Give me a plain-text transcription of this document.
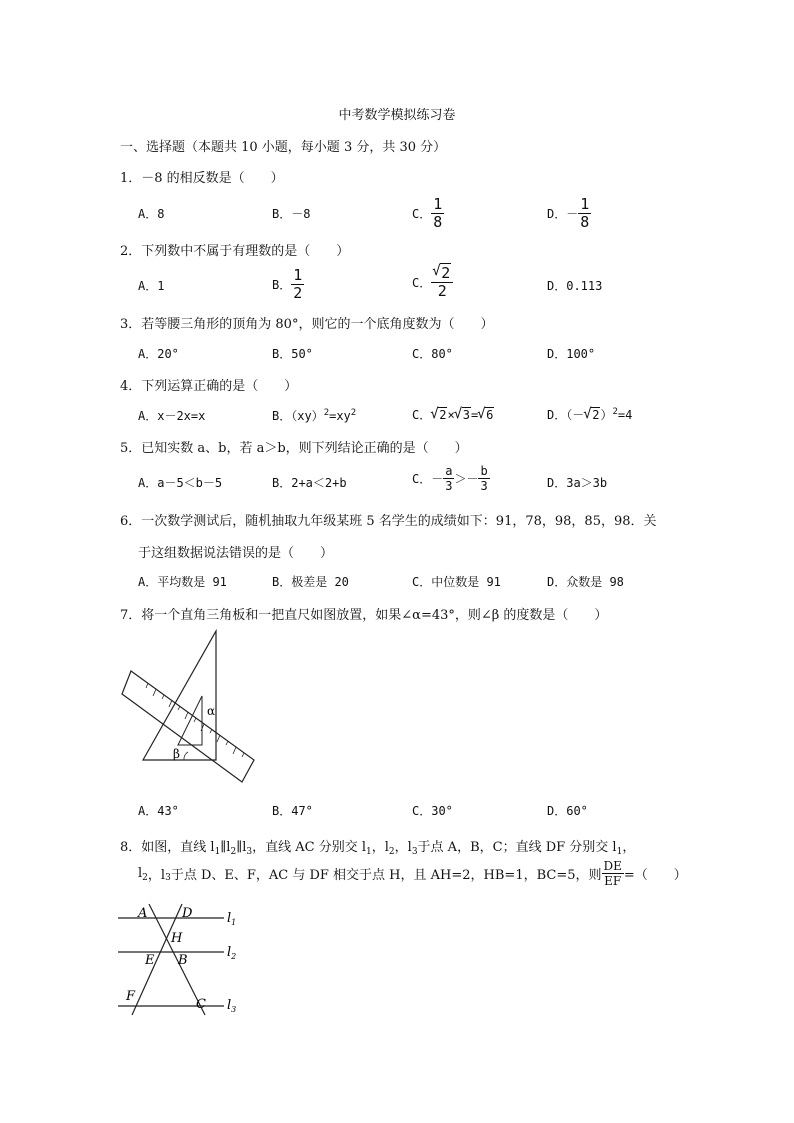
中考数学模拟练习卷
一、选择题（本题共 10 小题，每小题 3 分，共 30 分）
1．－8 的相反数是（　　）
A．8	B．－8	C． $\frac{1}{8}$	D．－ $\frac{1}{8}$
2．下列数中不属于有理数的是（　　）
A．1	B． $\frac{1}{2}$	C． √ $\frac{2}{2}$	D．0.113
3．若等腰三角形的顶角为 80°，则它的一个底角度数为（　　）
A．20°	B．50°	C．80°	D．100°
4．下列运算正确的是（　　）
A．x－2x=x	B．$(xy)^2=xy^2$	C． √ 2× √ 3= √ 6	D．（－ √ 2）$^2$=4
5．已知实数 a、b，若 a＞b，则下列结论正确的是（　　）
A．a－5＜b－5	B．2+a＜2+b	C．－ $\frac{a}{3} >- \frac{b}{3}$	D．3a＞3b
6．一次数学测试后，随机抽取九年级某班 5 名学生的成绩如下：91，78，98，85，98．关
于这组数据说法错误的是（　　）
A．平均数是 91	B．极差是 20	C．中位数是 91	D．众数是 98
7．将一个直角三角板和一把直尺如图放置，如果∠α=43°，则∠β 的度数是（　　）
α
β
A．43°	B．47°	C．30°	D．60°
8．如图，直线 $l_1\parallel l_2\parallel l_3$，直线 AC 分别交 $l_1$，$l_2$，$l_3$于点 A，B，C；直线 DF 分别交 $l_1$，
$l_2$，$l_3$于点 D、E、F，AC 与 DF 相交于点 H，且 AH=2，HB=1，BC=5，则 $\frac{DE}{EF}$ =（　　）
A	D
H
E B
F
C
$l_1$
$l_2$
$l_3$
